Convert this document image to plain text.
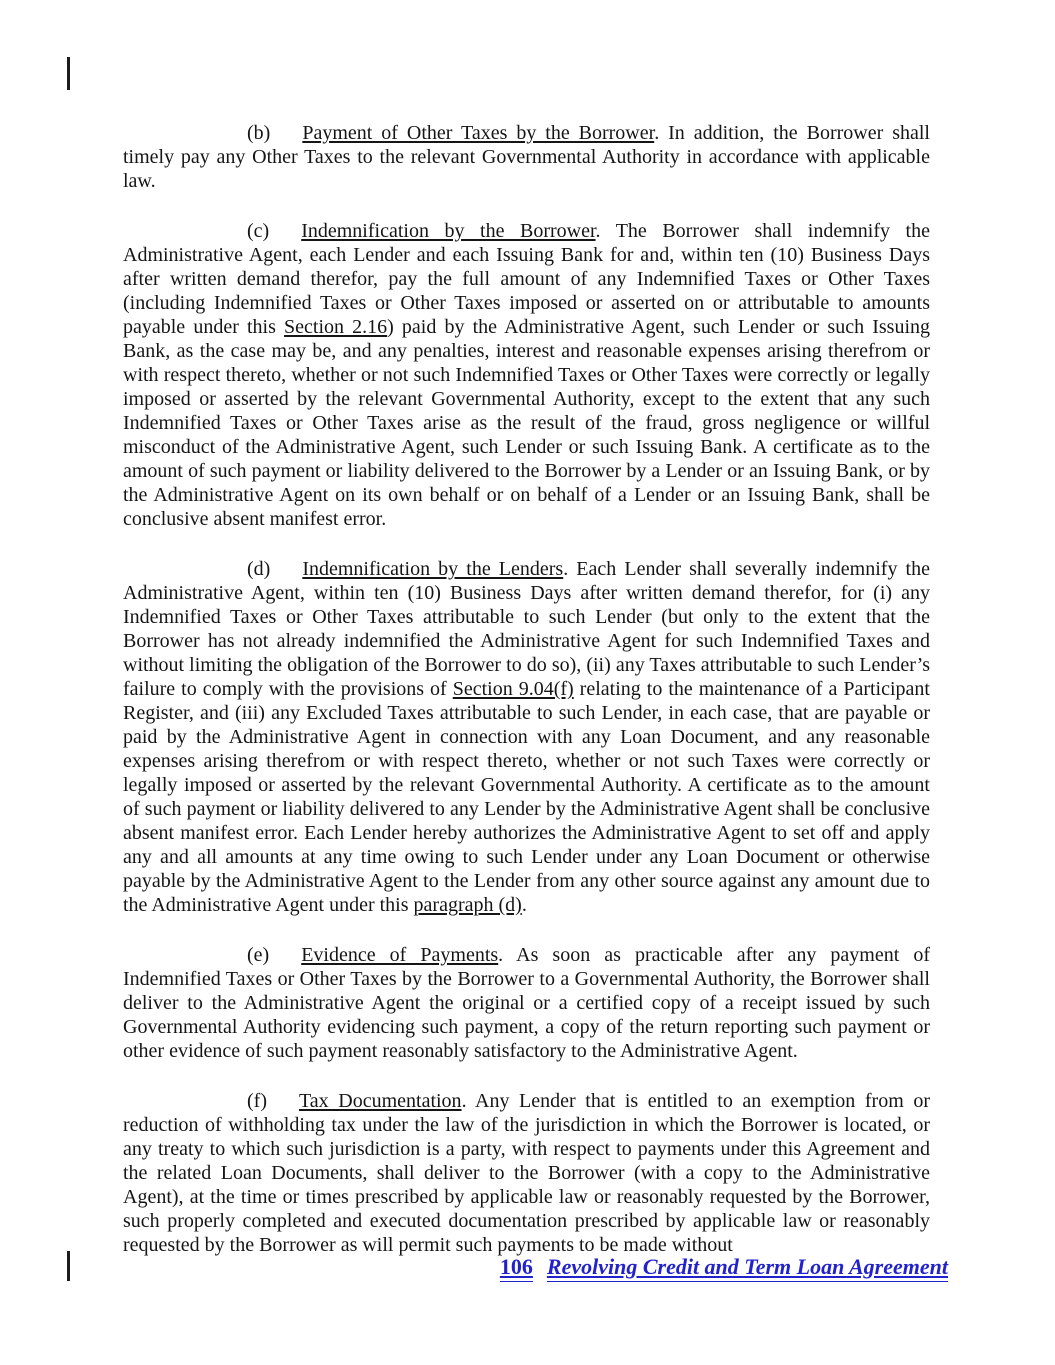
(b) Payment of Other Taxes by the Borrower. In addition, the Borrower shall timely pay any Other Taxes to the relevant Governmental Authority in accordance with applicable law.

(c) Indemnification by the Borrower. The Borrower shall indemnify the Administrative Agent, each Lender and each Issuing Bank for and, within ten (10) Business Days after written demand therefor, pay the full amount of any Indemnified Taxes or Other Taxes (including Indemnified Taxes or Other Taxes imposed or asserted on or attributable to amounts payable under this Section 2.16) paid by the Administrative Agent, such Lender or such Issuing Bank, as the case may be, and any penalties, interest and reasonable expenses arising therefrom or with respect thereto, whether or not such Indemnified Taxes or Other Taxes were correctly or legally imposed or asserted by the relevant Governmental Authority, except to the extent that any such Indemnified Taxes or Other Taxes arise as the result of the fraud, gross negligence or willful misconduct of the Administrative Agent, such Lender or such Issuing Bank. A certificate as to the amount of such payment or liability delivered to the Borrower by a Lender or an Issuing Bank, or by the Administrative Agent on its own behalf or on behalf of a Lender or an Issuing Bank, shall be conclusive absent manifest error.

(d) Indemnification by the Lenders. Each Lender shall severally indemnify the Administrative Agent, within ten (10) Business Days after written demand therefor, for (i) any Indemnified Taxes or Other Taxes attributable to such Lender (but only to the extent that the Borrower has not already indemnified the Administrative Agent for such Indemnified Taxes and without limiting the obligation of the Borrower to do so), (ii) any Taxes attributable to such Lender’s failure to comply with the provisions of Section 9.04(f) relating to the maintenance of a Participant Register, and (iii) any Excluded Taxes attributable to such Lender, in each case, that are payable or paid by the Administrative Agent in connection with any Loan Document, and any reasonable expenses arising therefrom or with respect thereto, whether or not such Taxes were correctly or legally imposed or asserted by the relevant Governmental Authority. A certificate as to the amount of such payment or liability delivered to any Lender by the Administrative Agent shall be conclusive absent manifest error. Each Lender hereby authorizes the Administrative Agent to set off and apply any and all amounts at any time owing to such Lender under any Loan Document or otherwise payable by the Administrative Agent to the Lender from any other source against any amount due to the Administrative Agent under this paragraph (d).

(e) Evidence of Payments. As soon as practicable after any payment of Indemnified Taxes or Other Taxes by the Borrower to a Governmental Authority, the Borrower shall deliver to the Administrative Agent the original or a certified copy of a receipt issued by such Governmental Authority evidencing such payment, a copy of the return reporting such payment or other evidence of such payment reasonably satisfactory to the Administrative Agent.

(f) Tax Documentation. Any Lender that is entitled to an exemption from or reduction of withholding tax under the law of the jurisdiction in which the Borrower is located, or any treaty to which such jurisdiction is a party, with respect to payments under this Agreement and the related Loan Documents, shall deliver to the Borrower (with a copy to the Administrative Agent), at the time or times prescribed by applicable law or reasonably requested by the Borrower, such properly completed and executed documentation prescribed by applicable law or reasonably requested by the Borrower as will permit such payments to be made without

106 Revolving Credit and Term Loan Agreement
